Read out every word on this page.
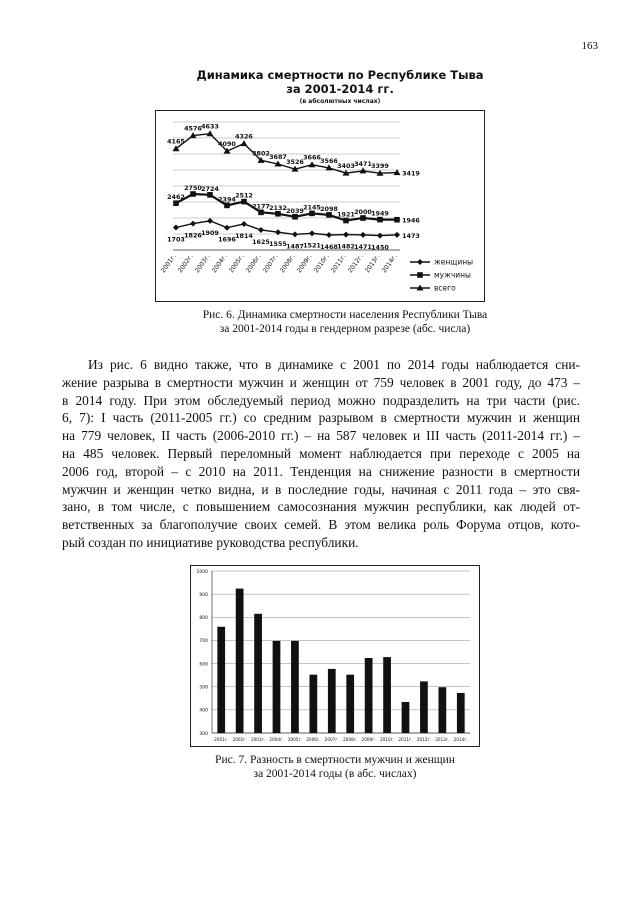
163
Динамика смертности по Республике Тыва
за 2001-2014 гг.
(в абсолютных числах)
1703 1826 1909
1696 1814
1625 1555 1487 1521 1468 1482 1471 1450
1473
2462
2750 2724
2394 2512
2177 2132 2039 2145 2098
1921 2000 1949
1946
4165
4576 4633
4090
4326
3802 3687
3526
3666 3566
3403 3471 3399
3419
2001г. 2002г. 2003г. 2004г. 2005г. 2006г. 2007г. 2008г. 2009г. 2010г. 2011г. 2012г. 2013г. 2014г.	женщины
мужчины
всего
Рис. 6. Динамика смертности населения Республики Тыва
за 2001-2014 годы в гендерном разрезе (абс. числа)

Из рис. 6 видно также, что в динамике с 2001 по 2014 годы наблюдается сни-
жение разрыва в смертности мужчин и женщин от 759 человек в 2001 году, до 473 –
в 2014 году. При этом обследуемый период можно подразделить на три части (рис.
6, 7): I часть (2011-2005 гг.) со средним разрывом в смертности мужчин и женщин
на 779 человек, II часть (2006-2010 гг.) – на 587 человек и III часть (2011-2014 гг.) –
на 485 человек. Первый переломный момент наблюдается при переходе с 2005 на
2006 год, второй – с 2010 на 2011. Тенденция на снижение разности в смертности
мужчин и женщин четко видна, и в последние годы, начиная с 2011 года – это свя-
зано, в том числе, с повышением самосознания мужчин республики, как людей от-
ветственных за благополучие своих семей. В этом велика роль Форума отцов, кото-
рый создан по инициативе руководства республики.

1000
900
800
700
600
500
400
300
2001г. 2002г. 2003г. 2004г. 2005г. 2006г. 2007г. 2008г. 2009г. 2010г. 2011г. 2012г. 2013г. 2014г.
Рис. 7. Разность в смертности мужчин и женщин
за 2001-2014 годы (в абс. числах)
